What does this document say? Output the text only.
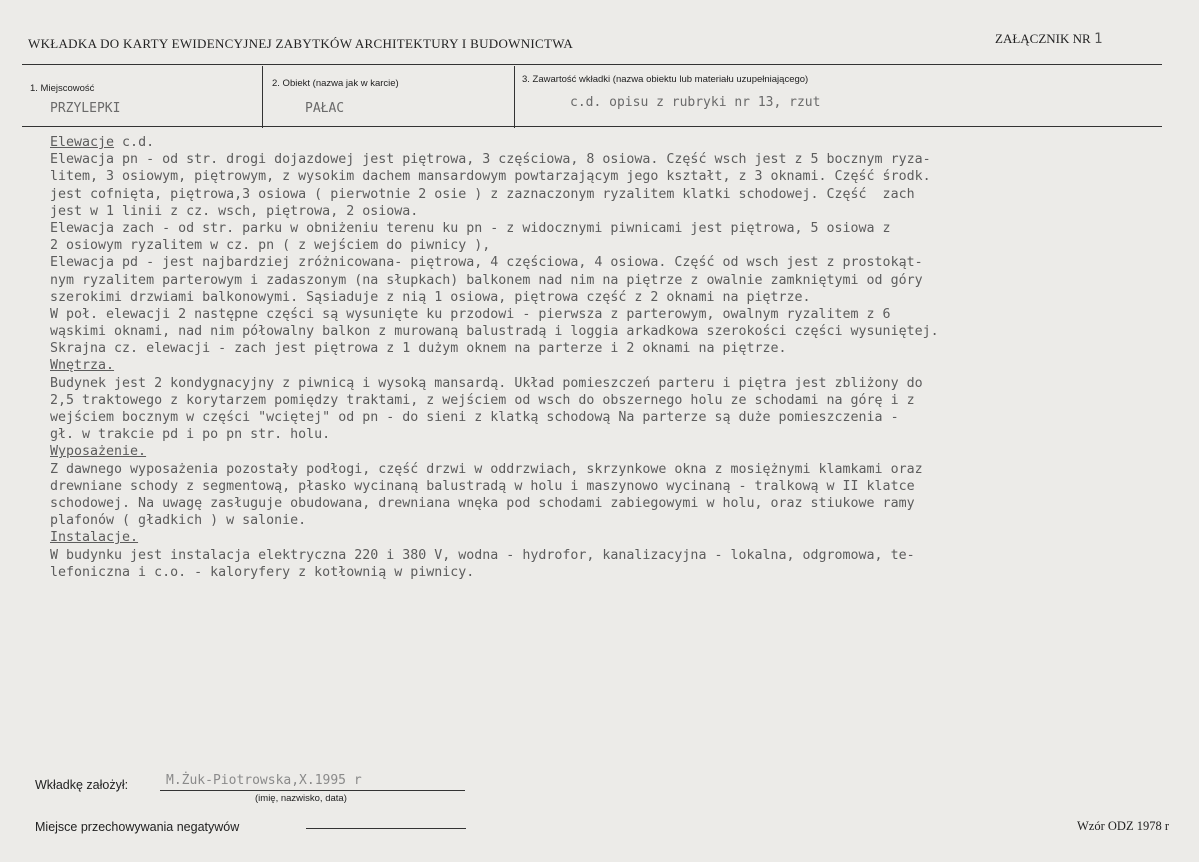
WKŁADKA DO KARTY EWIDENCYJNEJ ZABYTKÓW ARCHITEKTURY I BUDOWNICTWA	ZAŁĄCZNIK NR 1
1. Miejscowość
PRZYLEPKI
2. Obiekt (nazwa jak w karcie)
PAŁAC
3. Zawartość wkładki (nazwa obiektu lub materiału uzupełniającego)
c.d. opisu z rubryki nr 13, rzut
Elewacje c.d.
Elewacja pn - od str. drogi dojazdowej jest piętrowa, 3 częściowa, 8 osiowa. Część wsch jest z 5 bocznym ryza-
litem, 3 osiowym, piętrowym, z wysokim dachem mansardowym powtarzającym jego kształt, z 3 oknami. Część środk.
jest cofnięta, piętrowa,3 osiowa ( pierwotnie 2 osie ) z zaznaczonym ryzalitem klatki schodowej. Część  zach
jest w 1 linii z cz. wsch, piętrowa, 2 osiowa.
Elewacja zach - od str. parku w obniżeniu terenu ku pn - z widocznymi piwnicami jest piętrowa, 5 osiowa z
2 osiowym ryzalitem w cz. pn ( z wejściem do piwnicy ),
Elewacja pd - jest najbardziej zróżnicowana- piętrowa, 4 częściowa, 4 osiowa. Część od wsch jest z prostokąt-
nym ryzalitem parterowym i zadaszonym (na słupkach) balkonem nad nim na piętrze z owalnie zamkniętymi od góry
szerokimi drzwiami balkonowymi. Sąsiaduje z nią 1 osiowa, piętrowa część z 2 oknami na piętrze.
W poł. elewacji 2 następne części są wysunięte ku przodowi - pierwsza z parterowym, owalnym ryzalitem z 6
wąskimi oknami, nad nim półowalny balkon z murowaną balustradą i loggia arkadkowa szerokości części wysuniętej.
Skrajna cz. elewacji - zach jest piętrowa z 1 dużym oknem na parterze i 2 oknami na piętrze.
Wnętrza.
Budynek jest 2 kondygnacyjny z piwnicą i wysoką mansardą. Układ pomieszczeń parteru i piętra jest zbliżony do
2,5 traktowego z korytarzem pomiędzy traktami, z wejściem od wsch do obszernego holu ze schodami na górę i z
wejściem bocznym w części "wciętej" od pn - do sieni z klatką schodową Na parterze są duże pomieszczenia -
gł. w trakcie pd i po pn str. holu.
Wyposażenie.
Z dawnego wyposażenia pozostały podłogi, część drzwi w oddrzwiach, skrzynkowe okna z mosiężnymi klamkami oraz
drewniane schody z segmentową, płasko wycinaną balustradą w holu i maszynowo wycinaną - tralkową w II klatce
schodowej. Na uwagę zasługuje obudowana, drewniana wnęka pod schodami zabiegowymi w holu, oraz stiukowe ramy
plafonów ( gładkich ) w salonie.
Instalacje.
W budynku jest instalacja elektryczna 220 i 380 V, wodna - hydrofor, kanalizacyjna - lokalna, odgromowa, te-
lefoniczna i c.o. - kaloryfery z kotłownią w piwnicy.
Wkładkę założył:	M.Żuk-Piotrowska,X.1995 r
(imię, nazwisko, data)
Miejsce przechowywania negatywów	Wzór ODZ 1978 r
